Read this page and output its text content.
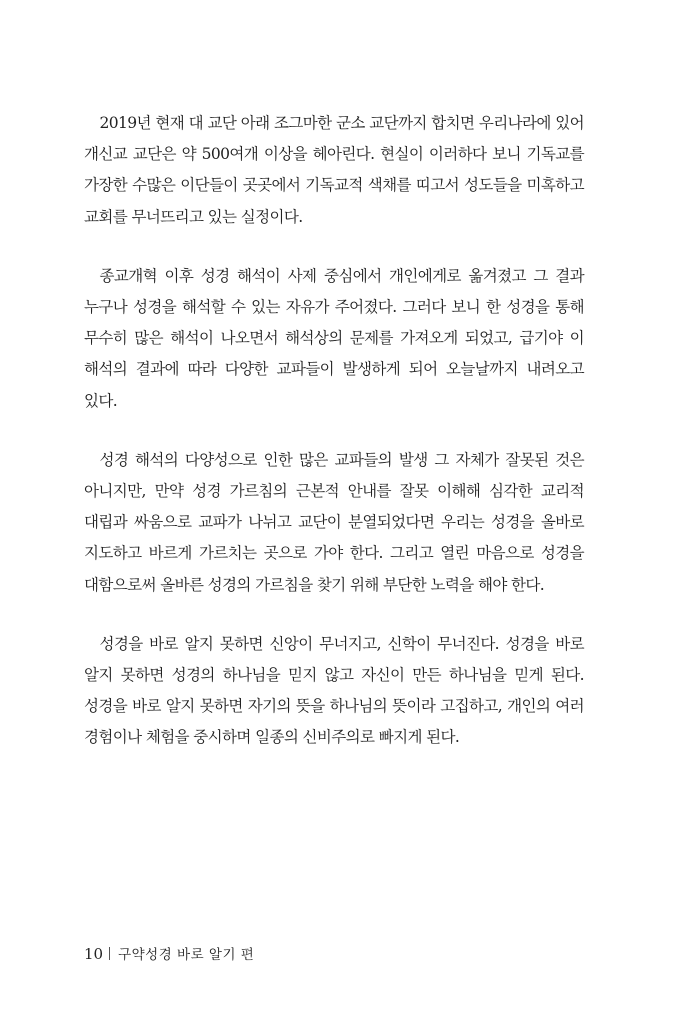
2019년 현재 대 교단 아래 조그마한 군소 교단까지 합치면 우리나라에 있어 개신교 교단은 약 500여개 이상을 헤아린다. 현실이 이러하다 보니 기독교를 가장한 수많은 이단들이 곳곳에서 기독교적 색채를 띠고서 성도들을 미혹하고 교회를 무너뜨리고 있는 실정이다.

종교개혁 이후 성경 해석이 사제 중심에서 개인에게로 옮겨졌고 그 결과 누구나 성경을 해석할 수 있는 자유가 주어졌다. 그러다 보니 한 성경을 통해 무수히 많은 해석이 나오면서 해석상의 문제를 가져오게 되었고, 급기야 이 해석의 결과에 따라 다양한 교파들이 발생하게 되어 오늘날까지 내려오고 있다.

성경 해석의 다양성으로 인한 많은 교파들의 발생 그 자체가 잘못된 것은 아니지만, 만약 성경 가르침의 근본적 안내를 잘못 이해해 심각한 교리적 대립과 싸움으로 교파가 나뉘고 교단이 분열되었다면 우리는 성경을 올바로 지도하고 바르게 가르치는 곳으로 가야 한다. 그리고 열린 마음으로 성경을 대함으로써 올바른 성경의 가르침을 찾기 위해 부단한 노력을 해야 한다.

성경을 바로 알지 못하면 신앙이 무너지고, 신학이 무너진다. 성경을 바로 알지 못하면 성경의 하나님을 믿지 않고 자신이 만든 하나님을 믿게 된다. 성경을 바로 알지 못하면 자기의 뜻을 하나님의 뜻이라 고집하고, 개인의 여러 경험이나 체험을 중시하며 일종의 신비주의로 빠지게 된다.

10 구약성경 바로 알기 편
